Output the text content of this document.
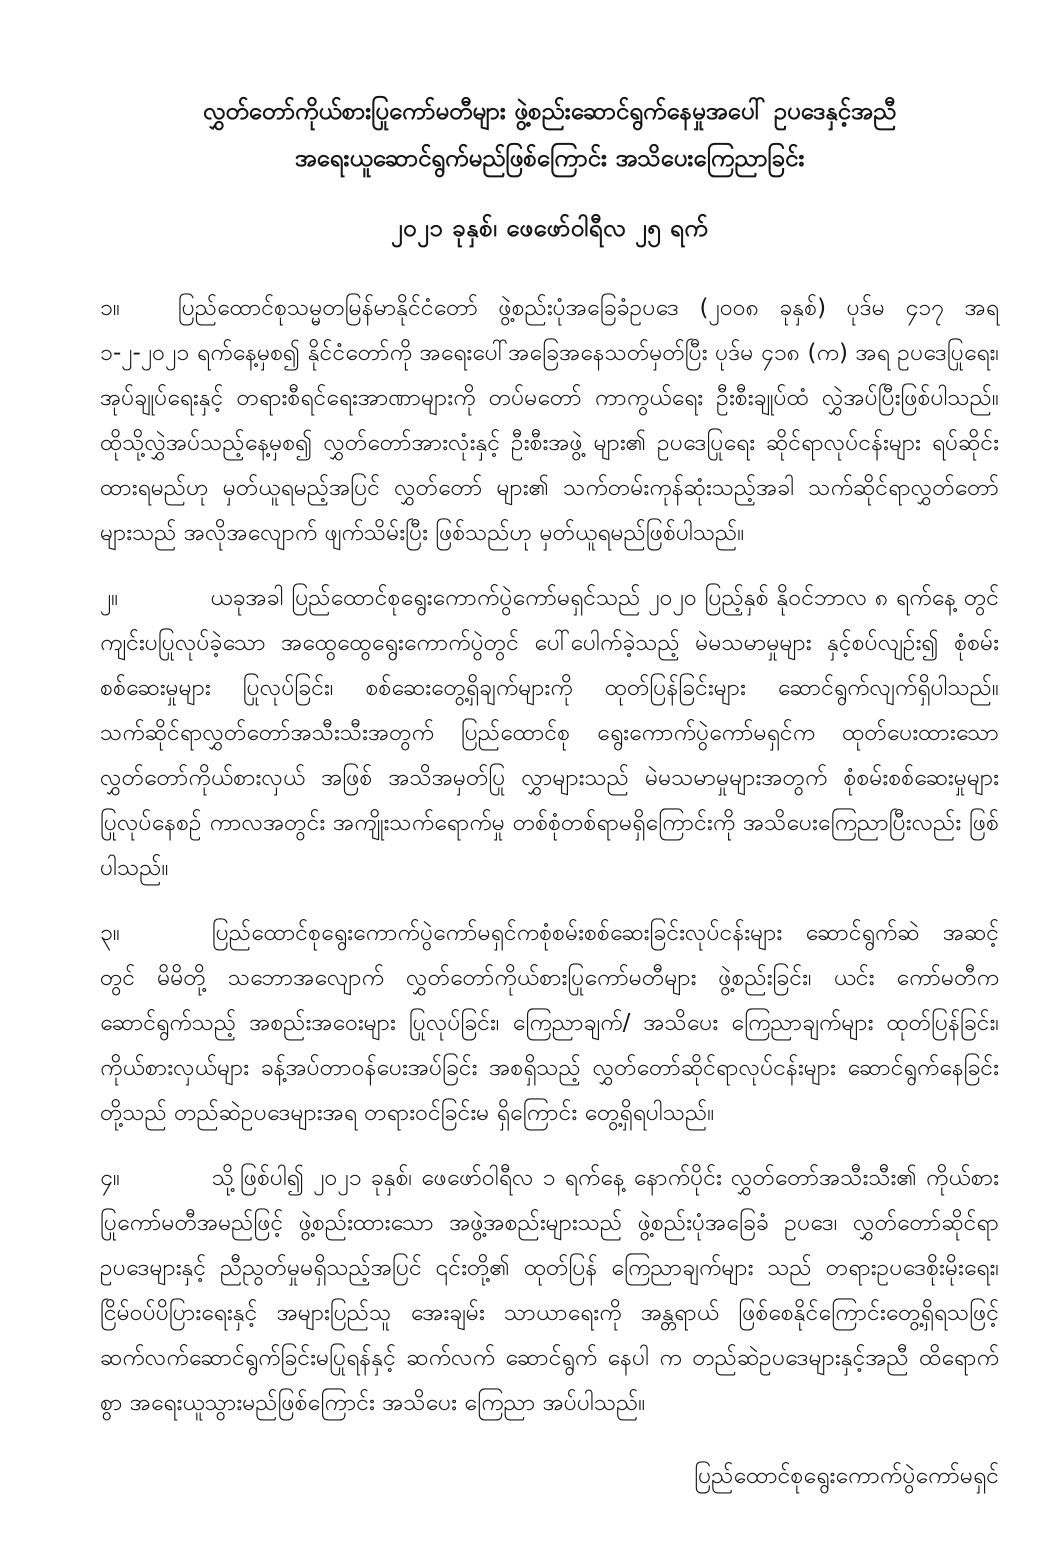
လွှတ်တော်ကိုယ်စားပြုကော်မတီများ ဖွဲ့စည်းဆောင်ရွက်နေမှုအပေါ် ဥပဒေနှင့်အညီ
အရေးယူဆောင်ရွက်မည်ဖြစ်ကြောင်း အသိပေးကြေညာခြင်း
၂၀၂၁ ခုနှစ်၊ ဖေဖော်ဝါရီလ ၂၅ ရက်

၁။	ပြည်ထောင်စုသမ္မတမြန်မာနိုင်ငံတော် ဖွဲ့စည်းပုံအခြေခံဥပဒေ (၂၀၀၈ ခုနှစ်) ပုဒ်မ ၄၁၇ အရ ၁-၂-၂၀၂၁ ရက်နေ့မှစ၍ နိုင်ငံတော်ကို အရေးပေါ်အခြေအနေသတ်မှတ်ပြီး ပုဒ်မ ၄၁၈ (က) အရ ဥပဒေပြုရေး၊ အုပ်ချုပ်ရေးနှင့် တရားစီရင်ရေးအာဏာများကို တပ်မတော် ကာကွယ်ရေး ဦးစီးချုပ်ထံ လွှဲအပ်ပြီးဖြစ်ပါသည်။ ထိုသို့လွှဲအပ်သည့်နေ့မှစ၍ လွှတ်တော်အားလုံးနှင့် ဦးစီးအဖွဲ့ များ၏ ဥပဒေပြုရေး ဆိုင်ရာလုပ်ငန်းများ ရပ်ဆိုင်းထားရမည်ဟု မှတ်ယူရမည့်အပြင် လွှတ်တော် များ၏ သက်တမ်းကုန်ဆုံးသည့်အခါ သက်ဆိုင်ရာလွှတ်တော်များသည် အလိုအလျောက် ဖျက်သိမ်းပြီး ဖြစ်သည်ဟု မှတ်ယူရမည်ဖြစ်ပါသည်။

၂။	ယခုအခါ ပြည်ထောင်စုရွေးကောက်ပွဲကော်မရှင်သည် ၂၀၂၀ ပြည့်နှစ် နိုဝင်ဘာလ ၈ ရက်နေ့ တွင် ကျင်းပပြုလုပ်ခဲ့သော အထွေထွေရွေးကောက်ပွဲတွင် ပေါ်ပေါက်ခဲ့သည့် မဲမသမာမှုများ နှင့်စပ်လျဉ်း၍ စုံစမ်းစစ်ဆေးမှုများ ပြုလုပ်ခြင်း၊ စစ်ဆေးတွေ့ရှိချက်များကို ထုတ်ပြန်ခြင်းများ ဆောင်ရွက်လျက်ရှိပါသည်။ သက်ဆိုင်ရာလွှတ်တော်အသီးသီးအတွက် ပြည်ထောင်စု ရွေးကောက်ပွဲကော်မရှင်က ထုတ်ပေးထားသော လွှတ်တော်ကိုယ်စားလှယ် အဖြစ် အသိအမှတ်ပြု လွှာများသည် မဲမသမာမှုများအတွက် စုံစမ်းစစ်ဆေးမှုများ ပြုလုပ်နေစဉ် ကာလအတွင်း အကျိုးသက်ရောက်မှု တစ်စုံတစ်ရာမရှိကြောင်းကို အသိပေးကြေညာပြီးလည်း ဖြစ်ပါသည်။

၃။	ပြည်ထောင်စုရွေးကောက်ပွဲကော်မရှင်ကစုံစမ်းစစ်ဆေးခြင်းလုပ်ငန်းများ ဆောင်ရွက်ဆဲ အဆင့်တွင် မိမိတို့ သဘောအလျောက် လွှတ်တော်ကိုယ်စားပြုကော်မတီများ ဖွဲ့စည်းခြင်း၊ ယင်း ကော်မတီက ဆောင်ရွက်သည့် အစည်းအဝေးများ ပြုလုပ်ခြင်း၊ ကြေညာချက်/ အသိပေး ကြေညာချက်များ ထုတ်ပြန်ခြင်း၊ ကိုယ်စားလှယ်များ ခန့်အပ်တာဝန်ပေးအပ်ခြင်း အစရှိသည့် လွှတ်တော်ဆိုင်ရာလုပ်ငန်းများ ဆောင်ရွက်နေခြင်းတို့သည် တည်ဆဲဥပဒေများအရ တရားဝင်ခြင်းမ ရှိကြောင်း တွေ့ရှိရပါသည်။

၄။	သို့ဖြစ်ပါ၍ ၂၀၂၁ ခုနှစ်၊ ဖေဖော်ဝါရီလ ၁ ရက်နေ့ နောက်ပိုင်း လွှတ်တော်အသီးသီး၏ ကိုယ်စားပြုကော်မတီအမည်ဖြင့် ဖွဲ့စည်းထားသော အဖွဲ့အစည်းများသည် ဖွဲ့စည်းပုံအခြေခံ ဥပဒေ၊ လွှတ်တော်ဆိုင်ရာဥပဒေများနှင့် ညီညွတ်မှုမရှိသည့်အပြင် ၎င်းတို့၏ ထုတ်ပြန် ကြေညာချက်များ သည် တရားဥပဒေစိုးမိုးရေး၊ ငြိမ်ဝပ်ပိပြားရေးနှင့် အများပြည်သူ အေးချမ်း သာယာရေးကို အန္တရာယ် ဖြစ်စေနိုင်ကြောင်းတွေ့ရှိရသဖြင့် ဆက်လက်ဆောင်ရွက်ခြင်းမပြုရန်နှင့် ဆက်လက် ဆောင်ရွက် နေပါ က တည်ဆဲဥပဒေများနှင့်အညီ ထိရောက်စွာ အရေးယူသွားမည်ဖြစ်ကြောင်း အသိပေး ကြေညာ အပ်ပါသည်။

ပြည်ထောင်စုရွေးကောက်ပွဲကော်မရှင်
